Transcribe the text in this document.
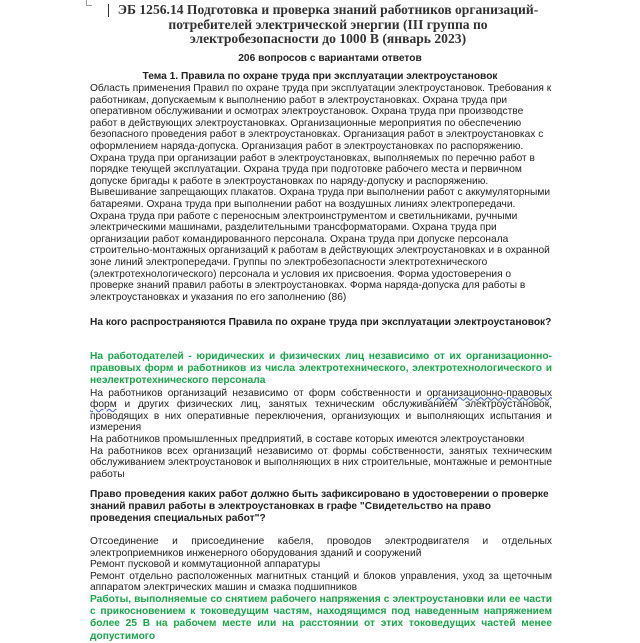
ЭБ 1256.14 Подготовка и проверка знаний работников организаций-потребителей электрической энергии (III группа по электробезопасности до 1000 В (январь 2023)

206 вопросов с вариантами ответов

Тема 1. Правила по охране труда при эксплуатации электроустановок

Область применения Правил по охране труда при эксплуатации электроустановок. Требования к работникам, допускаемым к выполнению работ в электроустановках. Охрана труда при оперативном обслуживании и осмотрах электроустановок. Охрана труда при производстве работ в действующих электроустановках. Организационные мероприятия по обеспечению безопасного проведения работ в электроустановках. Организация работ в электроустановках с оформлением наряда-допуска. Организация работ в электроустановках по распоряжению. Охрана труда при организации работ в электроустановках, выполняемых по перечню работ в порядке текущей эксплуатации. Охрана труда при подготовке рабочего места и первичном допуске бригады к работе в электроустановках по наряду-допуску и распоряжению. Вывешивание запрещающих плакатов. Охрана труда при выполнении работ с аккумуляторными батареями. Охрана труда при выполнении работ на воздушных линиях электропередачи. Охрана труда при работе с переносным электроинструментом и светильниками, ручными электрическими машинами, разделительными трансформаторами. Охрана труда при организации работ командированного персонала. Охрана труда при допуске персонала строительно-монтажных организаций к работам в действующих электроустановках и в охранной зоне линий электропередачи. Группы по электробезопасности электротехнического (электротехнологического) персонала и условия их присвоения. Форма удостоверения о проверке знаний правил работы в электроустановках. Форма наряда-допуска для работы в электроустановках и указания по его заполнению (86)

На кого распространяются Правила по охране труда при эксплуатации электроустановок?

На работодателей - юридических и физических лиц независимо от их организационно-правовых форм и работников из числа электротехнического, электротехнологического и неэлектротехнического персонала

На работников организаций независимо от форм собственности и организационно-правовых форм и других физических лиц, занятых техническим обслуживанием электроустановок, проводящих в них оперативные переключения, организующих и выполняющих испытания и измерения

На работников промышленных предприятий, в составе которых имеются электроустановки

На работников всех организаций независимо от формы собственности, занятых техническим обслуживанием электроустановок и выполняющих в них строительные, монтажные и ремонтные работы

Право проведения каких работ должно быть зафиксировано в удостоверении о проверке знаний правил работы в электроустановках в графе "Свидетельство на право проведения специальных работ"?

Отсоединение и присоединение кабеля, проводов электродвигателя и отдельных электроприемников инженерного оборудования зданий и сооружений

Ремонт пусковой и коммутационной аппаратуры

Ремонт отдельно расположенных магнитных станций и блоков управления, уход за щеточным аппаратом электрических машин и смазка подшипников

Работы, выполняемые со снятием рабочего напряжения с электроустановки или ее части с прикосновением к токоведущим частям, находящимся под наведенным напряжением более 25 В на рабочем месте или на расстоянии от этих токоведущих частей менее допустимого
